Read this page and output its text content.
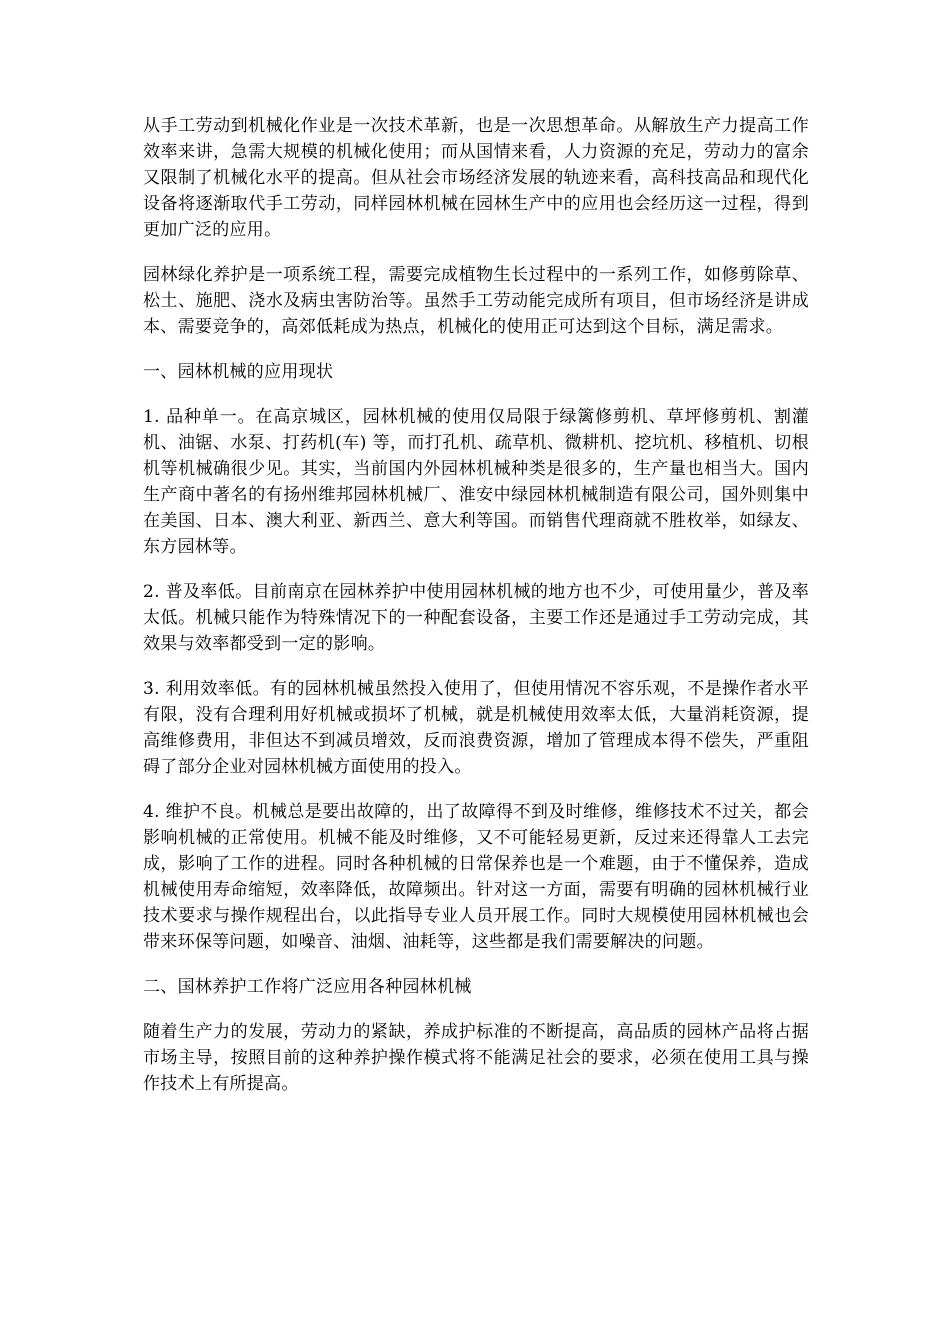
从手工劳动到机械化作业是一次技术革新，也是一次思想革命。从解放生产力提高工作效率来讲，急需大规模的机械化使用；而从国情来看，人力资源的充足，劳动力的富余又限制了机械化水平的提高。但从社会市场经济发展的轨迹来看，高科技高品和现代化设备将逐渐取代手工劳动，同样园林机械在园林生产中的应用也会经历这一过程，得到更加广泛的应用。

园林绿化养护是一项系统工程，需要完成植物生长过程中的一系列工作，如修剪除草、松土、施肥、浇水及病虫害防治等。虽然手工劳动能完成所有项目，但市场经济是讲成本、需要竞争的，高郊低耗成为热点，机械化的使用正可达到这个目标，满足需求。

一、园林机械的应用现状

1. 品种单一。在高京城区，园林机械的使用仅局限于绿篱修剪机、草坪修剪机、割灌机、油锯、水泵、打药机(车) 等，而打孔机、疏草机、微耕机、挖坑机、移植机、切根机等机械确很少见。其实，当前国内外园林机械种类是很多的，生产量也相当大。国内生产商中著名的有扬州维邦园林机械厂、淮安中绿园林机械制造有限公司，国外则集中在美国、日本、澳大利亚、新西兰、意大利等国。而销售代理商就不胜枚举，如绿友、东方园林等。

2. 普及率低。目前南京在园林养护中使用园林机械的地方也不少，可使用量少，普及率太低。机械只能作为特殊情况下的一种配套设备，主要工作还是通过手工劳动完成，其效果与效率都受到一定的影响。

3. 利用效率低。有的园林机械虽然投入使用了，但使用情况不容乐观，不是操作者水平有限，没有合理利用好机械或损坏了机械，就是机械使用效率太低，大量消耗资源，提高维修费用，非但达不到减员增效，反而浪费资源，增加了管理成本得不偿失，严重阻碍了部分企业对园林机械方面使用的投入。

4. 维护不良。机械总是要出故障的，出了故障得不到及时维修，维修技术不过关，都会影响机械的正常使用。机械不能及时维修，又不可能轻易更新，反过来还得靠人工去完成，影响了工作的进程。同时各种机械的日常保养也是一个难题，由于不懂保养，造成机械使用寿命缩短，效率降低，故障频出。针对这一方面，需要有明确的园林机械行业技术要求与操作规程出台，以此指导专业人员开展工作。同时大规模使用园林机械也会带来环保等问题，如噪音、油烟、油耗等，这些都是我们需要解决的问题。

二、国林养护工作将广泛应用各种园林机械

随着生产力的发展，劳动力的紧缺，养成护标准的不断提高，高品质的园林产品将占据市场主导，按照目前的这种养护操作模式将不能满足社会的要求，必须在使用工具与操作技术上有所提高。
